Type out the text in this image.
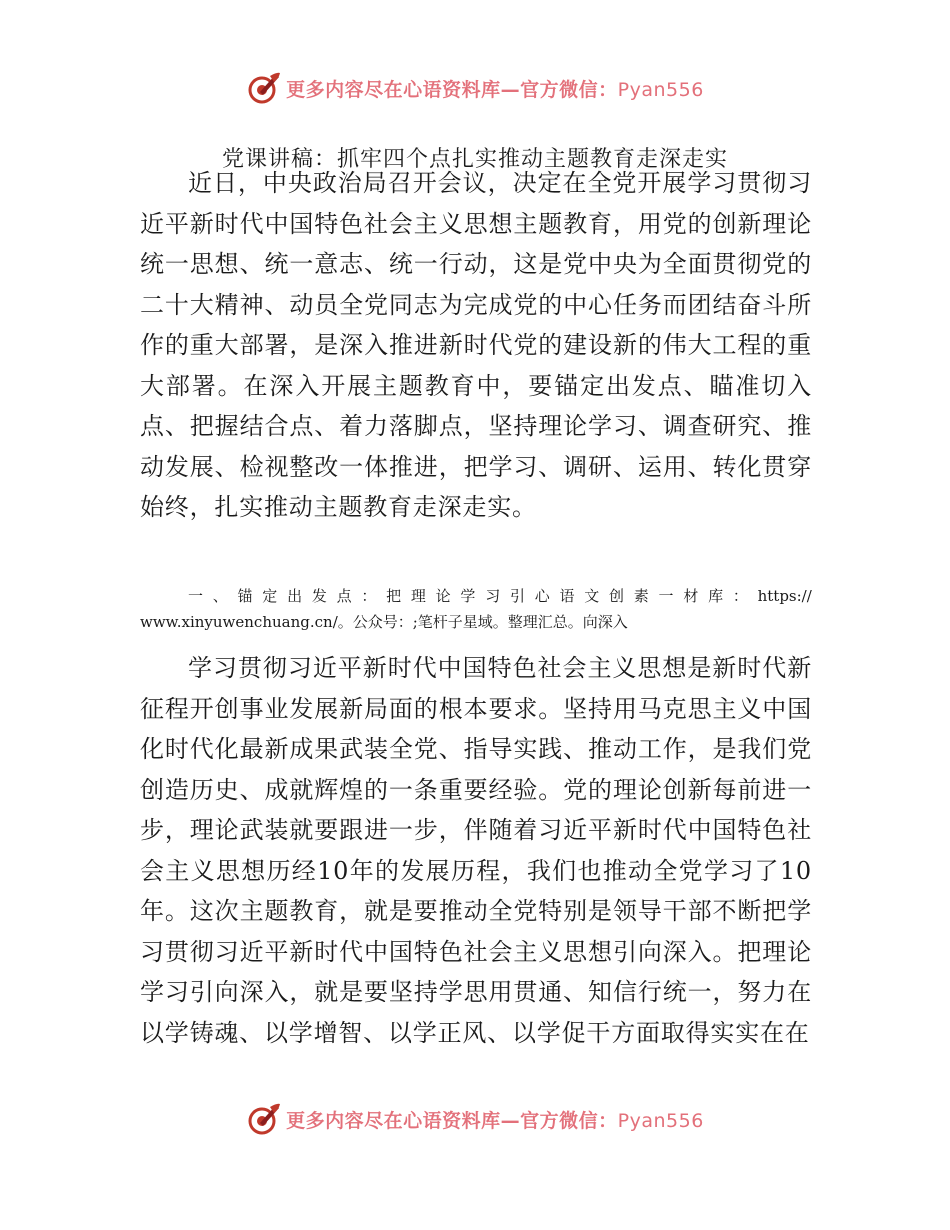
更多内容尽在心语资料库—官方微信：Pyan556
党课讲稿：抓牢四个点扎实推动主题教育走深走实

近日，中央政治局召开会议，决定在全党开展学习贯彻习近平新时代中国特色社会主义思想主题教育，用党的创新理论统一思想、统一意志、统一行动，这是党中央为全面贯彻党的二十大精神、动员全党同志为完成党的中心任务而团结奋斗所作的重大部署，是深入推进新时代党的建设新的伟大工程的重大部署。在深入开展主题教育中，要锚定出发点、瞄准切入点、把握结合点、着力落脚点，坚持理论学习、调查研究、推动发展、检视整改一体推进，把学习、调研、运用、转化贯穿始终，扎实推动主题教育走深走实。

一 、 锚 定 出 发 点 ： 把 理 论 学 习 引 心 语 文 创 素 一 材 库 ： https://
www.xinyuwenchuang.cn/。公众号：;笔杆子星域。整理汇总。向深入

学习贯彻习近平新时代中国特色社会主义思想是新时代新征程开创事业发展新局面的根本要求。坚持用马克思主义中国化时代化最新成果武装全党、指导实践、推动工作，是我们党创造历史、成就辉煌的一条重要经验。党的理论创新每前进一步，理论武装就要跟进一步，伴随着习近平新时代中国特色社会主义思想历经10年的发展历程，我们也推动全党学习了10年。这次主题教育，就是要推动全党特别是领导干部不断把学习贯彻习近平新时代中国特色社会主义思想引向深入。把理论学习引向深入，就是要坚持学思用贯通、知信行统一，努力在以学铸魂、以学增智、以学正风、以学促干方面取得实实在在

更多内容尽在心语资料库—官方微信：Pyan556
